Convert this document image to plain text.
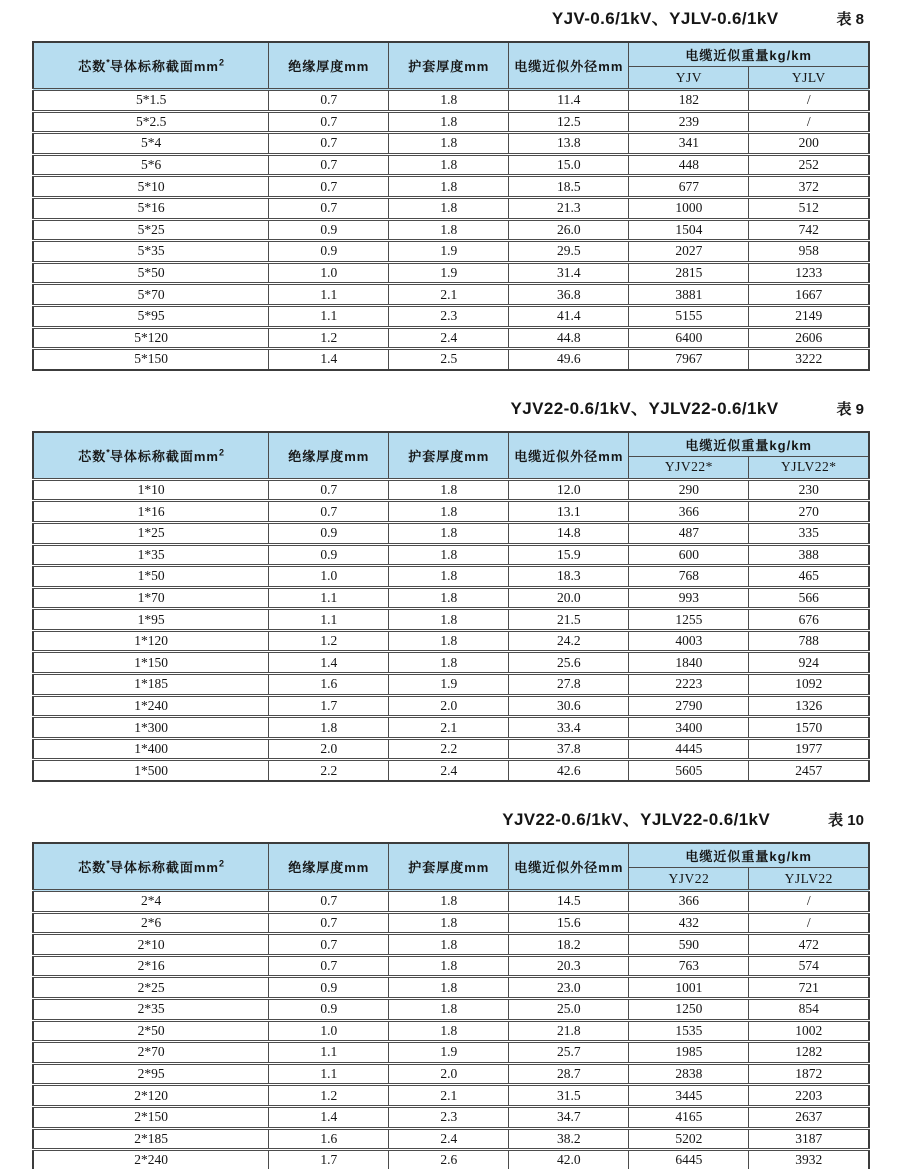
YJV-0.6/1kV、YJLV-0.6/1kV	表 8
芯数*导体标称截面$mm^2$	绝缘厚度mm	护套厚度mm	电缆近似外径mm	电缆近似重量kg/km	
				YJV	YJLV
5*1.5	0.7	1.8	11.4	182	/
5*2.5	0.7	1.8	12.5	239	/
5*4	0.7	1.8	13.8	341	200
5*6	0.7	1.8	15.0	448	252
5*10	0.7	1.8	18.5	677	372
5*16	0.7	1.8	21.3	1000	512
5*25	0.9	1.8	26.0	1504	742
5*35	0.9	1.9	29.5	2027	958
5*50	1.0	1.9	31.4	2815	1233
5*70	1.1	2.1	36.8	3881	1667
5*95	1.1	2.3	41.4	5155	2149
5*120	1.2	2.4	44.8	6400	2606
5*150	1.4	2.5	49.6	7967	3222
YJV22-0.6/1kV、YJLV22-0.6/1kV	表 9
芯数*导体标称截面$mm^2$	绝缘厚度mm	护套厚度mm	电缆近似外径mm	电缆近似重量kg/km	
				YJV22*	YJLV22*
1*10	0.7	1.8	12.0	290	230
1*16	0.7	1.8	13.1	366	270
1*25	0.9	1.8	14.8	487	335
1*35	0.9	1.8	15.9	600	388
1*50	1.0	1.8	18.3	768	465
1*70	1.1	1.8	20.0	993	566
1*95	1.1	1.8	21.5	1255	676
1*120	1.2	1.8	24.2	4003	788
1*150	1.4	1.8	25.6	1840	924
1*185	1.6	1.9	27.8	2223	1092
1*240	1.7	2.0	30.6	2790	1326
1*300	1.8	2.1	33.4	3400	1570
1*400	2.0	2.2	37.8	4445	1977
1*500	2.2	2.4	42.6	5605	2457
YJV22-0.6/1kV、YJLV22-0.6/1kV	表 10
芯数*导体标称截面$mm^2$	绝缘厚度mm	护套厚度mm	电缆近似外径mm	电缆近似重量kg/km	
				YJV22	YJLV22
2*4	0.7	1.8	14.5	366	/
2*6	0.7	1.8	15.6	432	/
2*10	0.7	1.8	18.2	590	472
2*16	0.7	1.8	20.3	763	574
2*25	0.9	1.8	23.0	1001	721
2*35	0.9	1.8	25.0	1250	854
2*50	1.0	1.8	21.8	1535	1002
2*70	1.1	1.9	25.7	1985	1282
2*95	1.1	2.0	28.7	2838	1872
2*120	1.2	2.1	31.5	3445	2203
2*150	1.4	2.3	34.7	4165	2637
2*185	1.6	2.4	38.2	5202	3187
2*240	1.7	2.6	42.0	6445	3932
